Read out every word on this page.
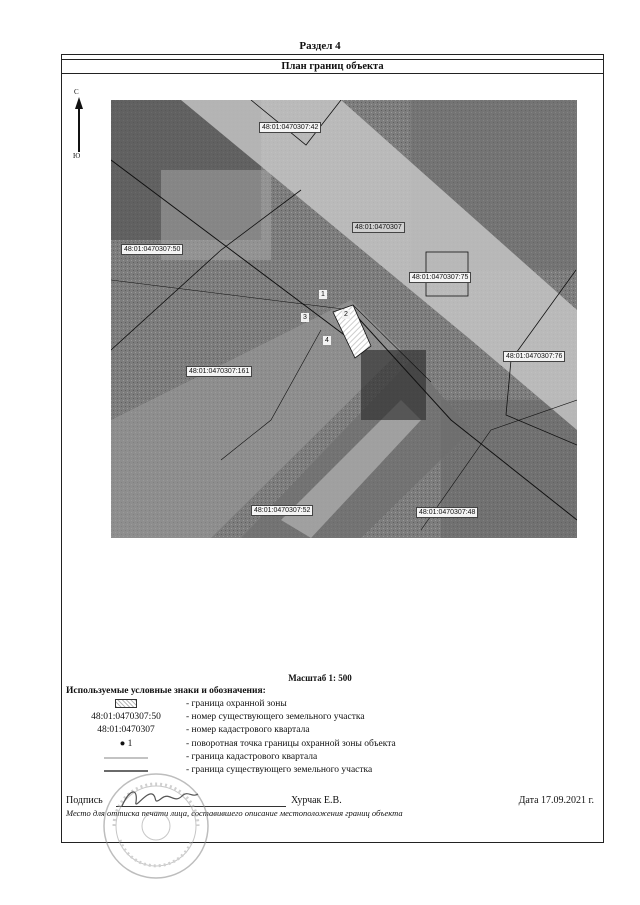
Раздел 4
План границ объекта
С
Ю
48:01:0470307:42
48:01:0470307
48:01:0470307:50
48:01:0470307:75
48:01:0470307:76
48:01:0470307:161
48:01:0470307:52	48:01:0470307:48
1
2
3
4
Масштаб 1: 500
Используемые условные знаки и обозначения:
- граница охранной зоны
48:01:0470307:50	- номер существующего земельного участка
48:01:0470307	- номер кадастрового квартала
● 1	- поворотная точка границы охранной зоны объекта
- граница кадастрового квартала
- граница существующего земельного участка
Подпись	Хурчак Е.В.	Дата 17.09.2021 г.
Место для оттиска печати лица, составившего описание местоположения границ объекта
